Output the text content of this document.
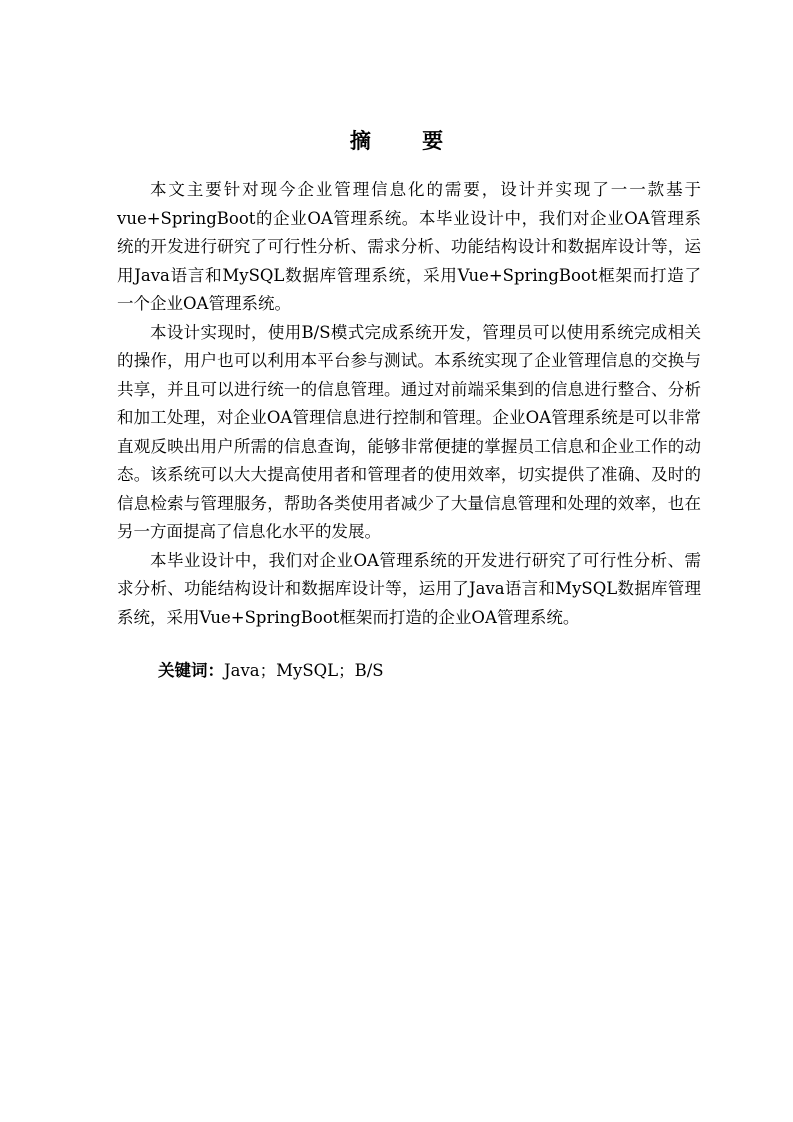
摘 要

本文主要针对现今企业管理信息化的需要，设计并实现了一一款基于vue+SpringBoot的企业OA管理系统。本毕业设计中，我们对企业OA管理系统的开发进行研究了可行性分析、需求分析、功能结构设计和数据库设计等，运用Java语言和MySQL数据库管理系统，采用Vue+SpringBoot框架而打造了一个企业OA管理系统。

本设计实现时，使用B/S模式完成系统开发，管理员可以使用系统完成相关的操作，用户也可以利用本平台参与测试。本系统实现了企业管理信息的交换与共享，并且可以进行统一的信息管理。通过对前端采集到的信息进行整合、分析和加工处理，对企业OA管理信息进行控制和管理。企业OA管理系统是可以非常直观反映出用户所需的信息查询，能够非常便捷的掌握员工信息和企业工作的动态。该系统可以大大提高使用者和管理者的使用效率，切实提供了准确、及时的信息检索与管理服务，帮助各类使用者减少了大量信息管理和处理的效率，也在另一方面提高了信息化水平的发展。

本毕业设计中，我们对企业OA管理系统的开发进行研究了可行性分析、需求分析、功能结构设计和数据库设计等，运用了Java语言和MySQL数据库管理系统，采用Vue+SpringBoot框架而打造的企业OA管理系统。

关键词：Java；MySQL；B/S
